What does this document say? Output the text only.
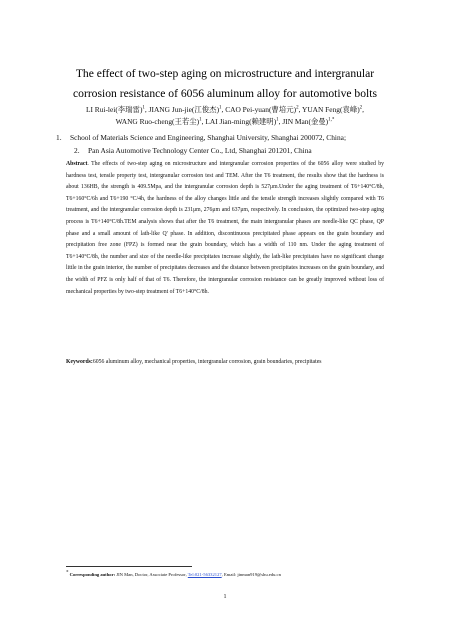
The effect of two-step aging on microstructure and intergranular
corrosion resistance of 6056 aluminum alloy for automotive bolts
LI Rui-lei(李瑞雷)$^1$, JIANG Jun-jie(江俊杰)$^1$, CAO Pei-yuan(曹培元)$^2$, YUAN Feng(袁峰)$^2$,
WANG Ruo-cheng(王若尘)$^1$, LAI Jian-ming(赖建明)$^1$, JIN Man(金曼)$^{1,*}$
1.	School of Materials Science and Engineering, Shanghai University, Shanghai 200072, China;
2.	Pan Asia Automotive Technology Center Co., Ltd, Shanghai 201201, China
Abstract. The effects of two-step aging on microstructure and intergranular corrosion properties of the 6056 alloy were studied by hardness test, tensile property test, intergranular corrosion test and TEM. After the T6 treatment, the results show that the hardness is about 136HB, the strength is 409.5Mpa, and the intergranular corrosion depth is 527μm.Under the aging treatment of T6+140°C/8h, T6+160°C/6h and T6+190 °C/4h, the hardness of the alloy changes little and the tensile strength increases slightly compared with T6 treatment, and the intergranular corrosion depth is 231μm, 276μm and 637μm, respectively. In conclusion, the optimized two-step aging process is T6+140°C/8h.TEM analysis shows that after the T6 treatment, the main intergranular phases are needle-like QC phase, QP phase and a small amount of lath-like Q' phase. In addition, discontinuous precipitated phase appears on the grain boundary and precipitation free zone (FPZ) is formed near the grain boundary, which has a width of 110 nm. Under the aging treatment of T6+140°C/8h, the number and size of the needle-like precipitates increase slightly, the lath-like precipitates have no significant change little in the grain interior, the number of precipitates decreases and the distance between precipitates increases on the grain boundary, and the width of PFZ is only half of that of T6. Therefore, the intergranular corrosion resistance can be greatly improved without loss of mechanical properties by two-step treatment of T6+140°C/8h.
Keywords:6056 aluminum alloy, mechanical properties, intergranular corrosion, grain boundaries, precipitates
* Corresponding author: JIN Man, Doctor, Associate Professor, Tel:021-56332127, Email: jinman919@shu.edu.cn
1
